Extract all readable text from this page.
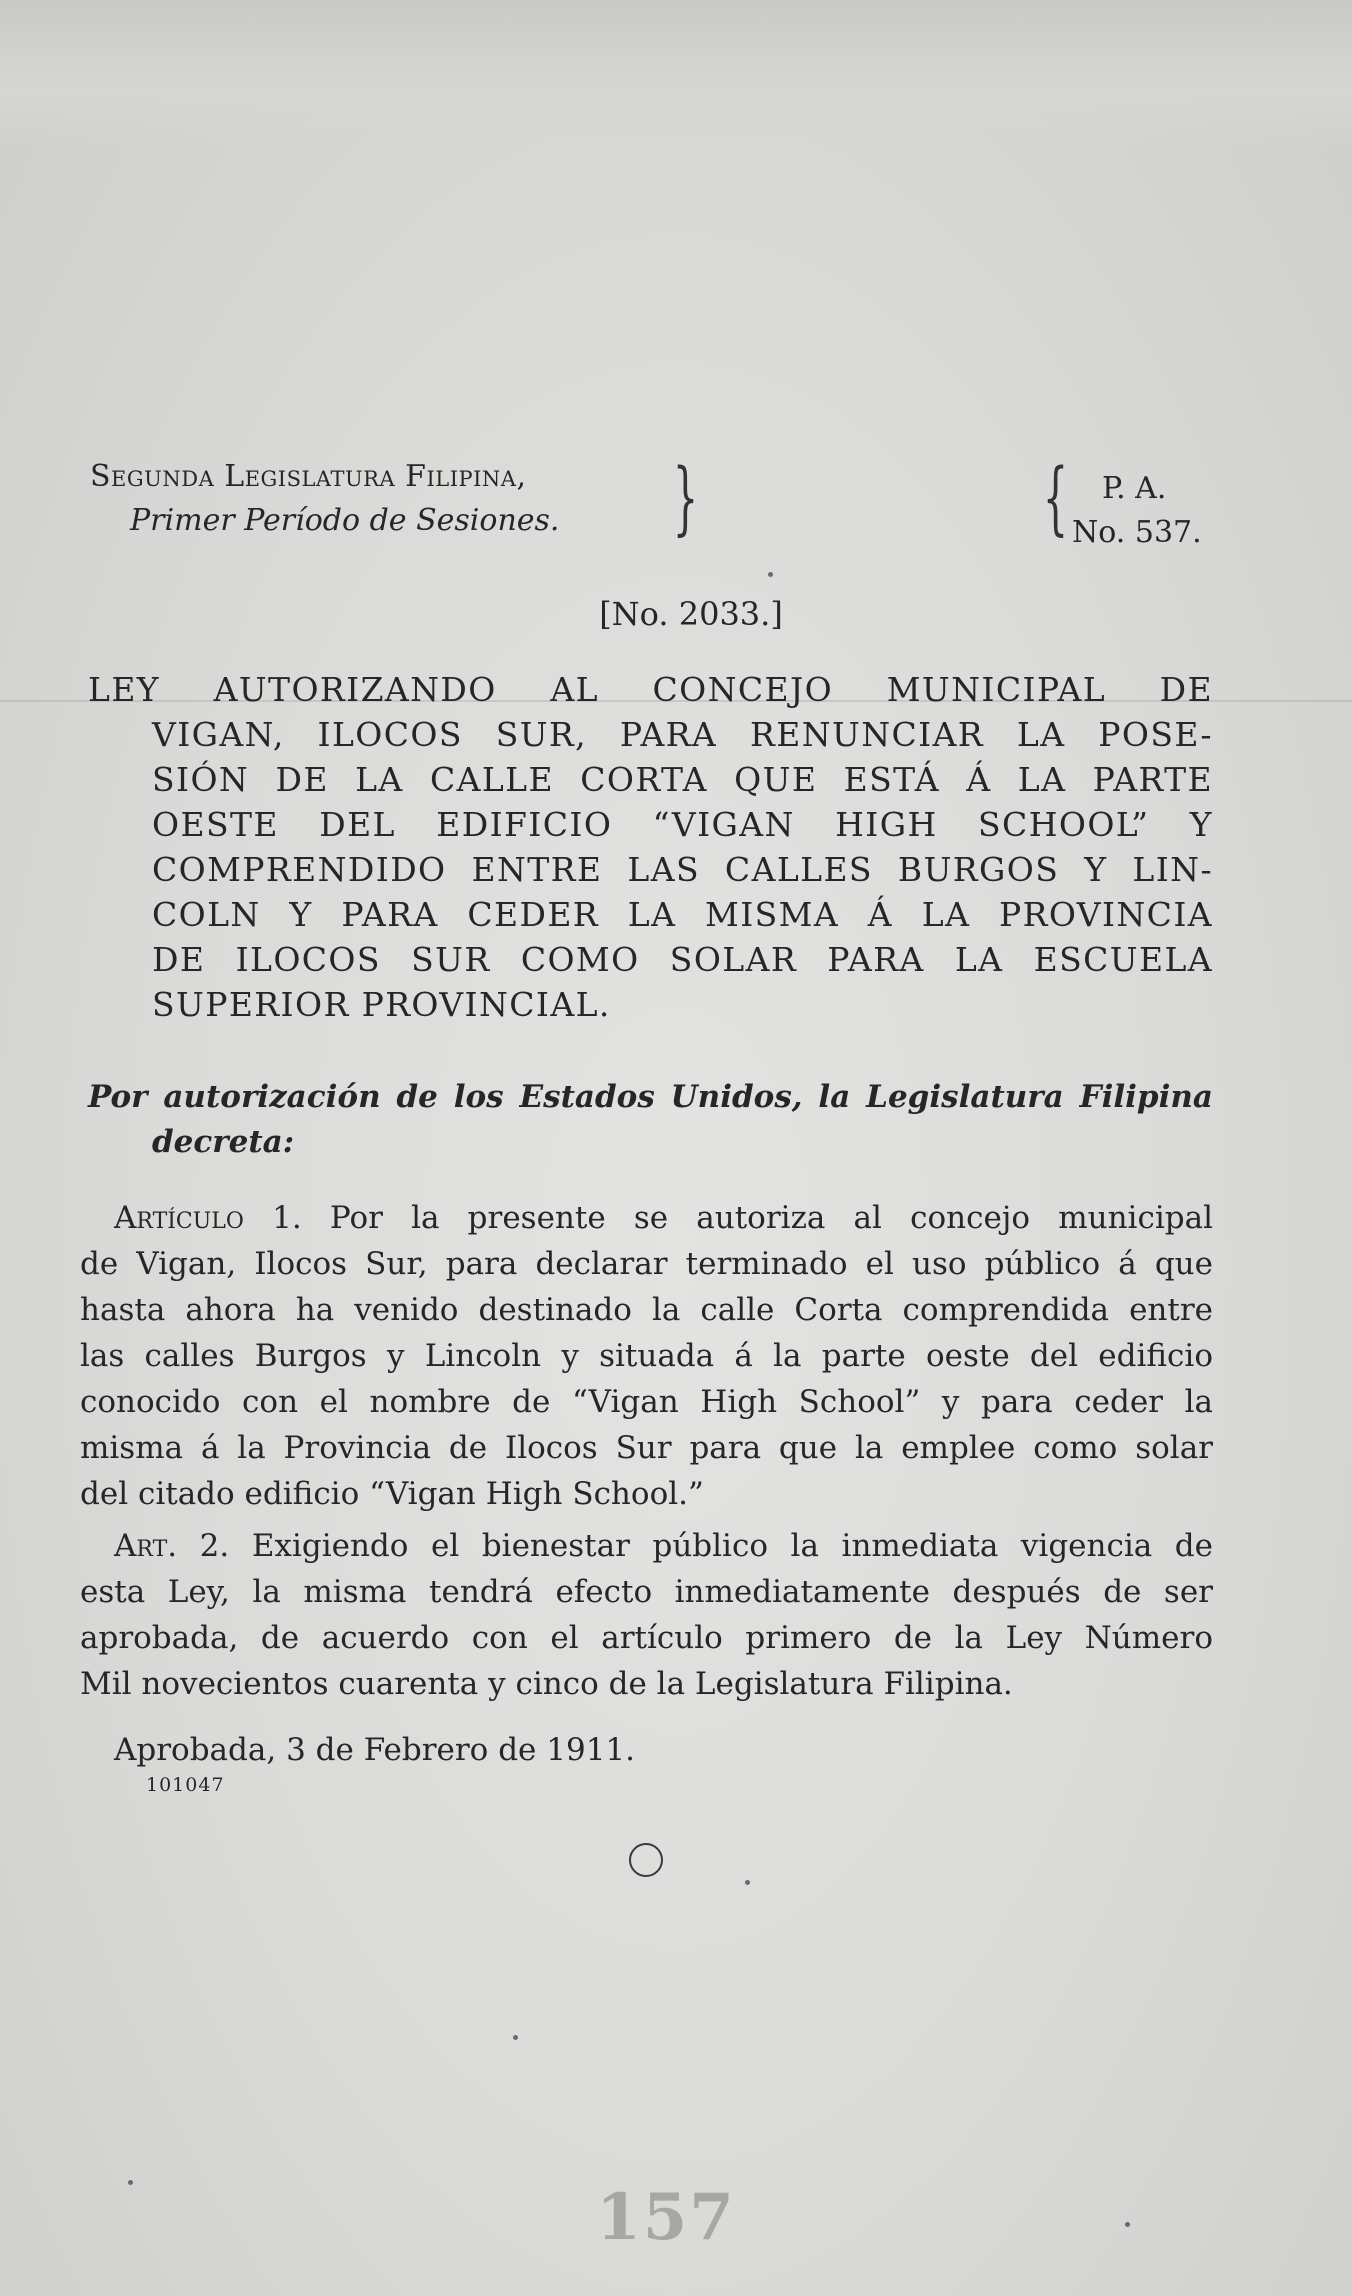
Segunda Legislatura Filipina,
Primer Período de Sesiones.	}	{	P. A.
No. 537.
[No. 2033.]
LEY AUTORIZANDO AL CONCEJO MUNICIPAL DE
VIGAN, ILOCOS SUR, PARA RENUNCIAR LA POSE-
SIÓN DE LA CALLE CORTA QUE ESTÁ Á LA PARTE
OESTE DEL EDIFICIO “VIGAN HIGH SCHOOL” Y
COMPRENDIDO ENTRE LAS CALLES BURGOS Y LIN-
COLN Y PARA CEDER LA MISMA Á LA PROVINCIA
DE ILOCOS SUR COMO SOLAR PARA LA ESCUELA
SUPERIOR PROVINCIAL.
Por autorización de los Estados Unidos, la Legislatura Filipina
decreta:
Artículo 1. Por la presente se autoriza al concejo municipal
de Vigan, Ilocos Sur, para declarar terminado el uso público á que
hasta ahora ha venido destinado la calle Corta comprendida entre
las calles Burgos y Lincoln y situada á la parte oeste del edificio
conocido con el nombre de “Vigan High School” y para ceder la
misma á la Provincia de Ilocos Sur para que la emplee como solar
del citado edificio “Vigan High School.”
Art. 2. Exigiendo el bienestar público la inmediata vigencia de
esta Ley, la misma tendrá efecto inmediatamente después de ser
aprobada, de acuerdo con el artículo primero de la Ley Número
Mil novecientos cuarenta y cinco de la Legislatura Filipina.
Aprobada, 3 de Febrero de 1911.
101047
157
